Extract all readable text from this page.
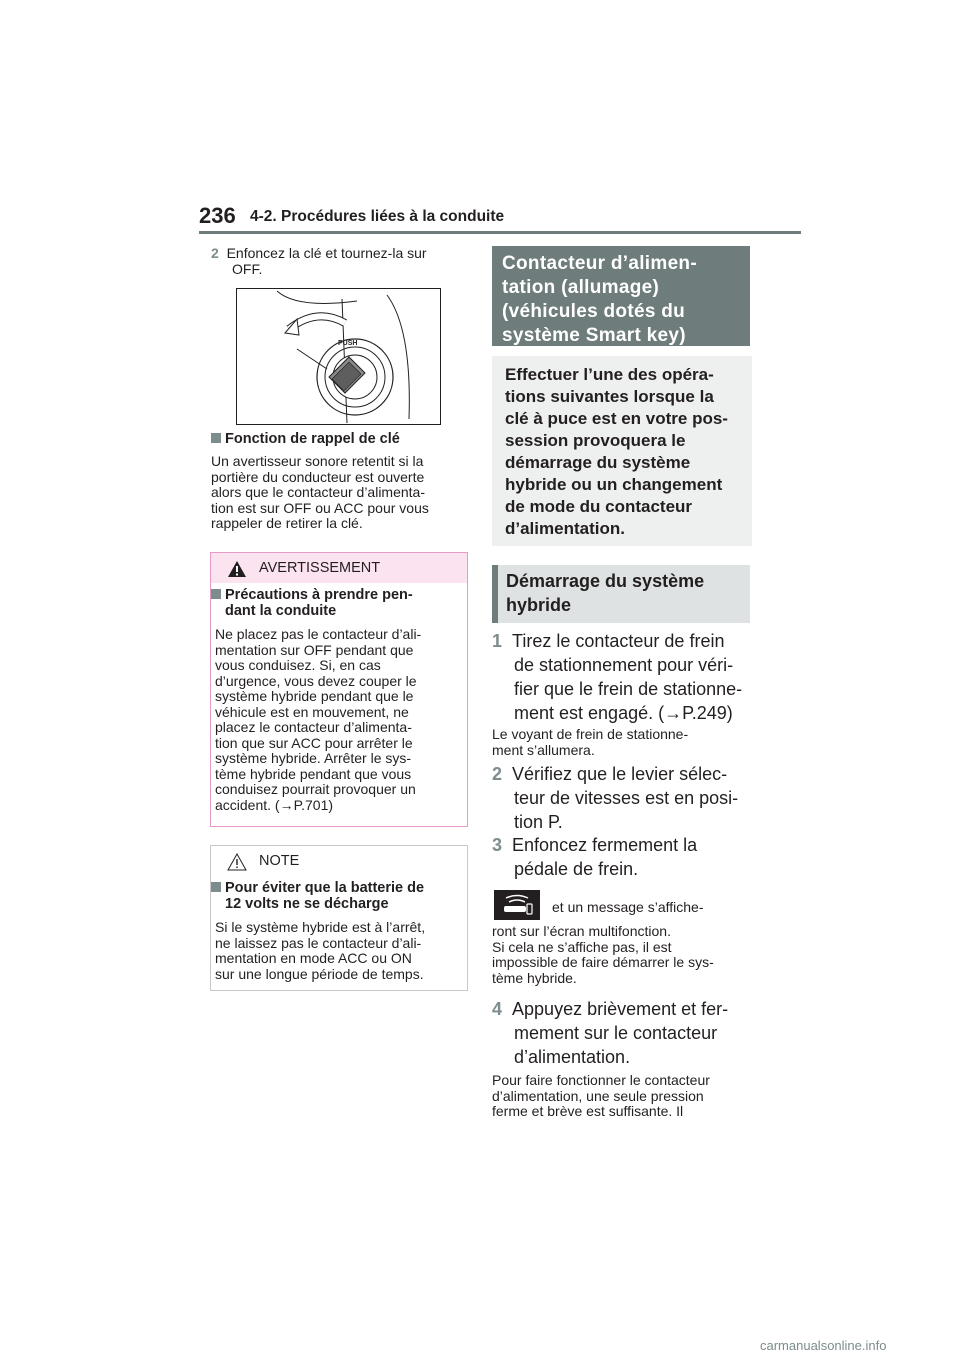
236 4-2. Procédures liées à la conduite
2 Enfoncez la clé et tournez-la sur
OFF.
PUSH
Fonction de rappel de clé
Un avertisseur sonore retentit si la
portière du conducteur est ouverte
alors que le contacteur d’alimenta-
tion est sur OFF ou ACC pour vous
rappeler de retirer la clé.
AVERTISSEMENT
Précautions à prendre pen-
dant la conduite
Ne placez pas le contacteur d’ali-
mentation sur OFF pendant que
vous conduisez. Si, en cas
d’urgence, vous devez couper le
système hybride pendant que le
véhicule est en mouvement, ne
placez le contacteur d’alimenta-
tion que sur ACC pour arrêter le
système hybride. Arrêter le sys-
tème hybride pendant que vous
conduisez pourrait provoquer un
accident. (→P.701)
NOTE
Pour éviter que la batterie de
12 volts ne se décharge
Si le système hybride est à l’arrêt,
ne laissez pas le contacteur d’ali-
mentation en mode ACC ou ON
sur une longue période de temps.
Contacteur d’alimen-
tation (allumage)
(véhicules dotés du
système Smart key)
Effectuer l’une des opéra-
tions suivantes lorsque la
clé à puce est en votre pos-
session provoquera le
démarrage du système
hybride ou un changement
de mode du contacteur
d’alimentation.
Démarrage du système
hybride
1 Tirez le contacteur de frein
de stationnement pour véri-
fier que le frein de stationne-
ment est engagé. (→P.249)
Le voyant de frein de stationne-
ment s’allumera.
2 Vérifiez que le levier sélec-
teur de vitesses est en posi-
tion P.
3 Enfoncez fermement la
pédale de frein.
et un message s’affiche-
ront sur l’écran multifonction.
Si cela ne s’affiche pas, il est
impossible de faire démarrer le sys-
tème hybride.
4 Appuyez brièvement et fer-
mement sur le contacteur
d’alimentation.
Pour faire fonctionner le contacteur
d’alimentation, une seule pression
ferme et brève est suffisante. Il
carmanualsonline.info
